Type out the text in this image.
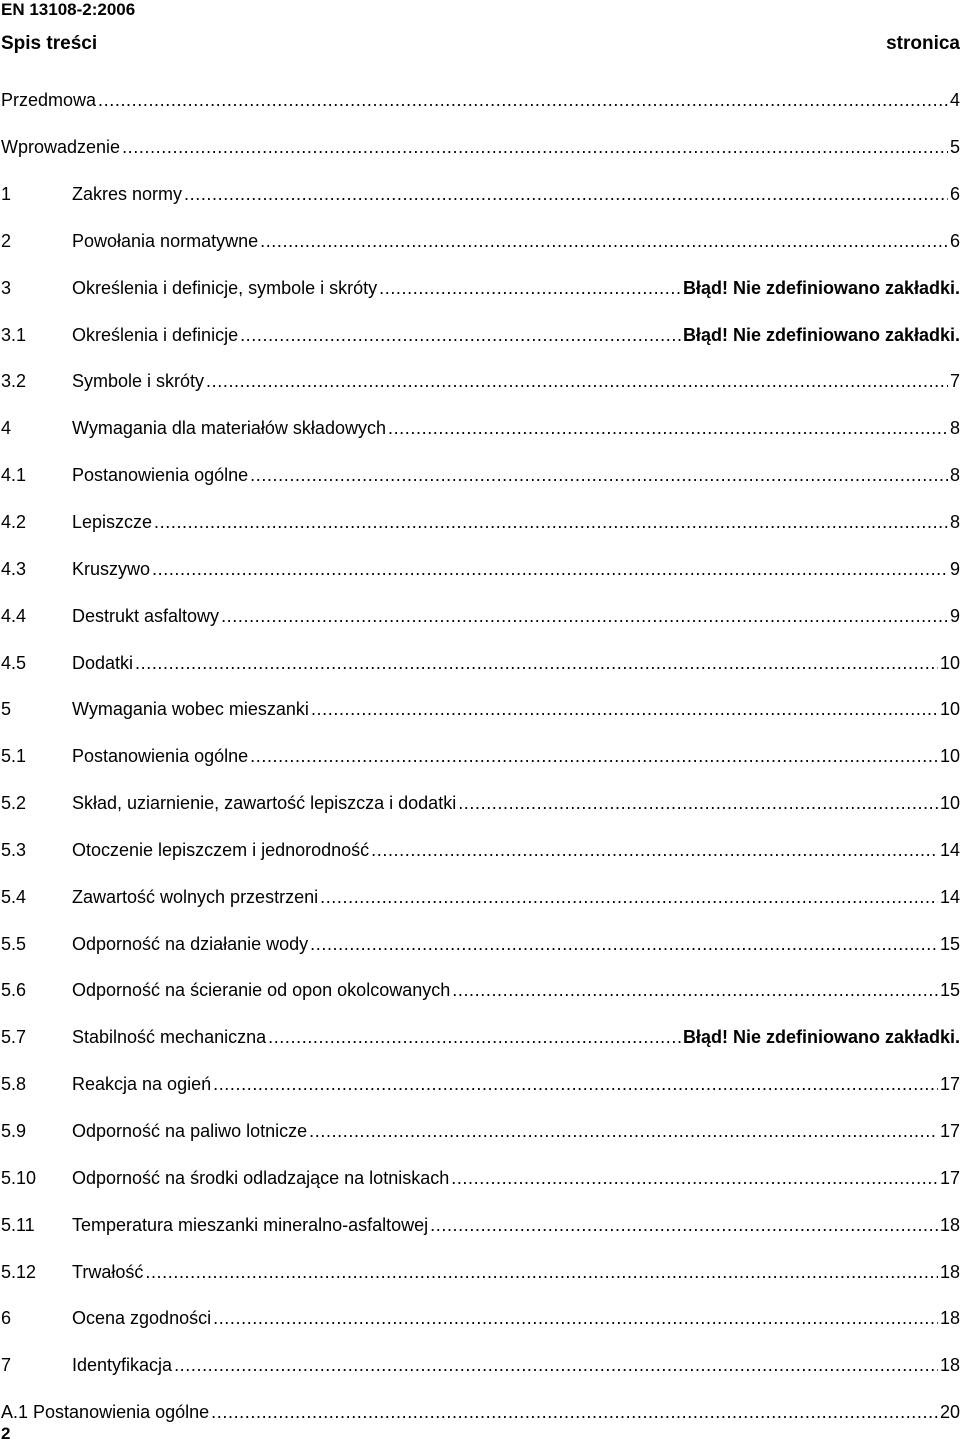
EN 13108-2:2006
Spis treści	stronica
Przedmowa .....	4
Wprowadzenie .....	5
1	Zakres normy .....	6
2	Powołania normatywne .....	6
3	Określenia i definicje, symbole i skróty .....	Błąd! Nie zdefiniowano zakładki.
3.1	Określenia i definicje .....	Błąd! Nie zdefiniowano zakładki.
3.2	Symbole i skróty .....	7
4	Wymagania dla materiałów składowych .....	8
4.1	Postanowienia ogólne .....	8
4.2	Lepiszcze .....	8
4.3	Kruszywo .....	9
4.4	Destrukt asfaltowy .....	9
4.5	Dodatki .....	10
5	Wymagania wobec mieszanki .....	10
5.1	Postanowienia ogólne .....	10
5.2	Skład, uziarnienie, zawartość lepiszcza i dodatki .....	10
5.3	Otoczenie lepiszczem i jednorodność .....	14
5.4	Zawartość wolnych przestrzeni .....	14
5.5	Odporność na działanie wody .....	15
5.6	Odporność na ścieranie od opon okolcowanych .....	15
5.7	Stabilność mechaniczna .....	Błąd! Nie zdefiniowano zakładki.
5.8	Reakcja na ogień .....	17
5.9	Odporność na paliwo lotnicze .....	17
5.10	Odporność na środki odladzające na lotniskach .....	17
5.11	Temperatura mieszanki mineralno-asfaltowej .....	18
5.12	Trwałość .....	18
6	Ocena zgodności .....	18
7	Identyfikacja .....	18
A.1 Postanowienia ogólne .....	20
2
